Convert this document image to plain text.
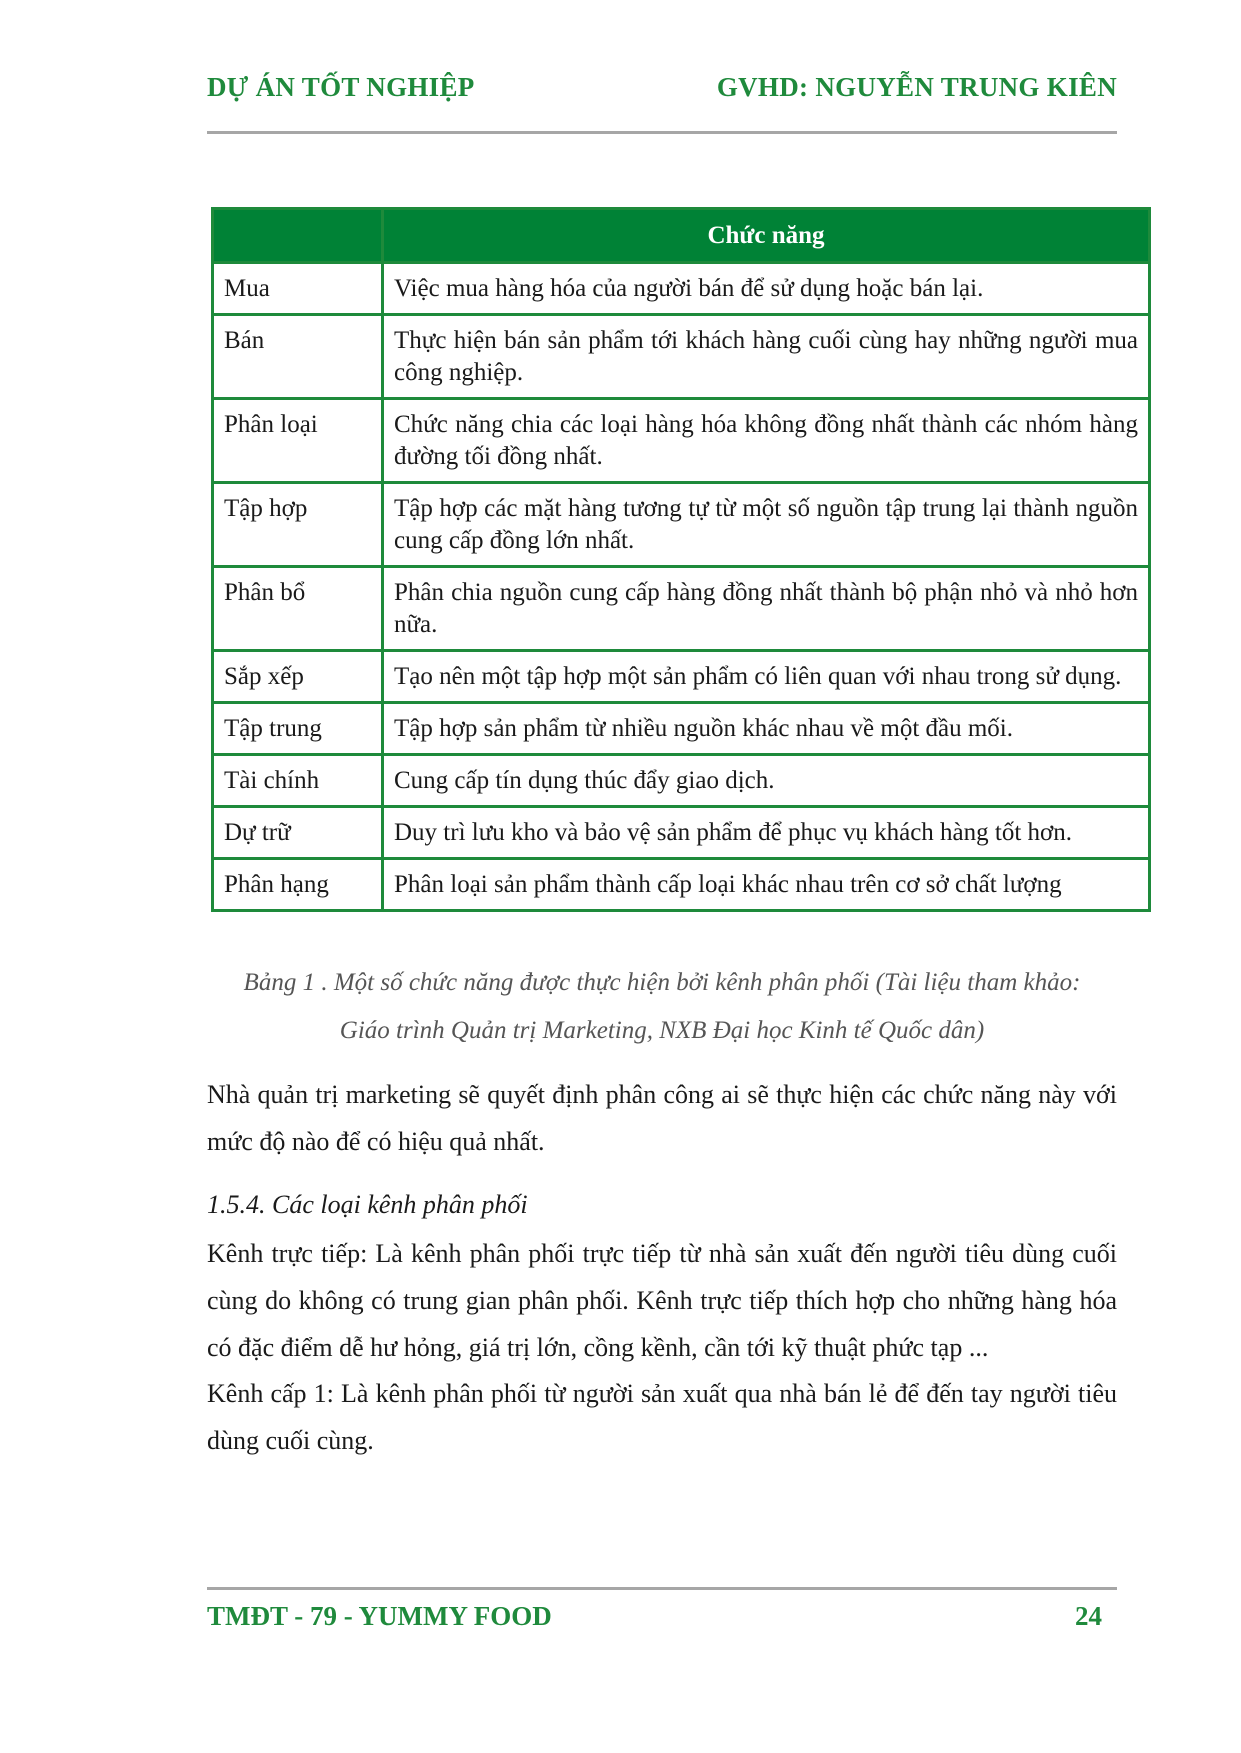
DỰ ÁN TỐT NGHIỆP	GVHD: NGUYỄN TRUNG KIÊN
	Chức năng
Mua	Việc mua hàng hóa của người bán để sử dụng hoặc bán lại.
Bán	Thực hiện bán sản phẩm tới khách hàng cuối cùng hay những người mua công nghiệp.
Phân loại	Chức năng chia các loại hàng hóa không đồng nhất thành các nhóm hàng đường tối đồng nhất.
Tập hợp	Tập hợp các mặt hàng tương tự từ một số nguồn tập trung lại thành nguồn cung cấp đồng lớn nhất.
Phân bổ	Phân chia nguồn cung cấp hàng đồng nhất thành bộ phận nhỏ và nhỏ hơn nữa.
Sắp xếp	Tạo nên một tập hợp một sản phẩm có liên quan với nhau trong sử dụng.
Tập trung	Tập hợp sản phẩm từ nhiều nguồn khác nhau về một đầu mối.
Tài chính	Cung cấp tín dụng thúc đẩy giao dịch.
Dự trữ	Duy trì lưu kho và bảo vệ sản phẩm để phục vụ khách hàng tốt hơn.
Phân hạng	Phân loại sản phẩm thành cấp loại khác nhau trên cơ sở chất lượng
Bảng 1 . Một số chức năng được thực hiện bởi kênh phân phối (Tài liệu tham khảo:
Giáo trình Quản trị Marketing, NXB Đại học Kinh tế Quốc dân)
Nhà quản trị marketing sẽ quyết định phân công ai sẽ thực hiện các chức năng này với mức độ nào để có hiệu quả nhất.
1.5.4. Các loại kênh phân phối
Kênh trực tiếp: Là kênh phân phối trực tiếp từ nhà sản xuất đến người tiêu dùng cuối cùng do không có trung gian phân phối. Kênh trực tiếp thích hợp cho những hàng hóa có đặc điểm dễ hư hỏng, giá trị lớn, cồng kềnh, cần tới kỹ thuật phức tạp ...
Kênh cấp 1: Là kênh phân phối từ người sản xuất qua nhà bán lẻ để đến tay người tiêu dùng cuối cùng.
TMĐT - 79 - YUMMY FOOD	24
